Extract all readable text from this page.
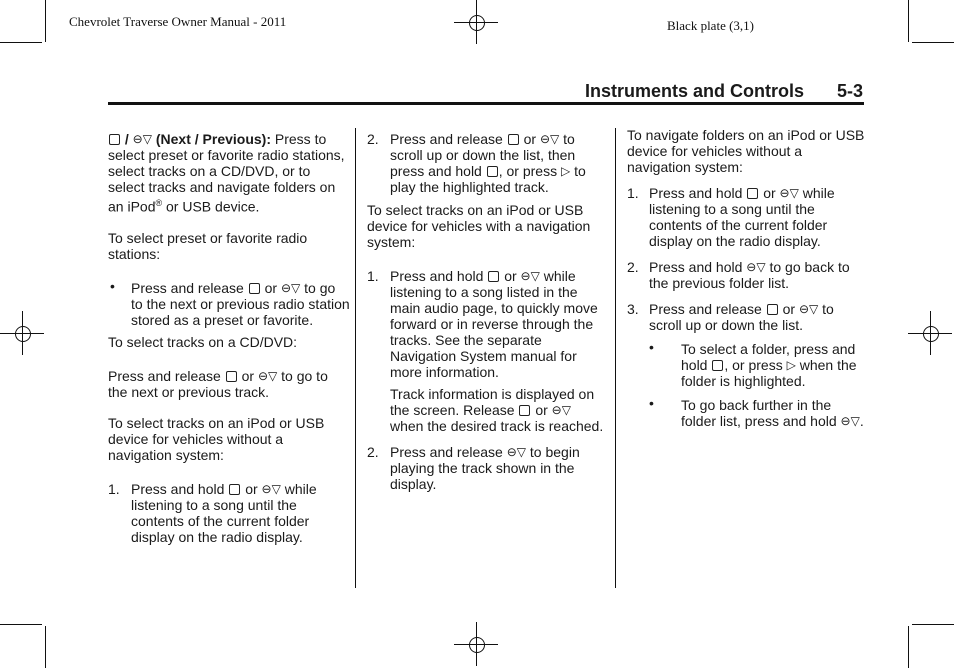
Chevrolet Traverse Owner Manual - 2011	Black plate (3,1)
Instruments and Controls 5-3

/ ⊖▽ (Next / Previous): Press to select preset or favorite radio stations, select tracks on a CD/DVD, or to select tracks and navigate folders on an iPod® or USB device.

To select preset or favorite radio stations:

• Press and release or ⊖▽ to go to the next or previous radio station stored as a preset or favorite.

To select tracks on a CD/DVD:

Press and release or ⊖▽ to go to the next or previous track.

To select tracks on an iPod or USB device for vehicles without a navigation system:

1. Press and hold or ⊖▽ while listening to a song until the contents of the current folder display on the radio display.
2. Press and release or ⊖▽ to scroll up or down the list, then press and hold , or press ▷ to play the highlighted track.

To select tracks on an iPod or USB device for vehicles with a navigation system:

1. Press and hold or ⊖▽ while listening to a song listed in the main audio page, to quickly move forward or in reverse through the tracks. See the separate Navigation System manual for more information.

Track information is displayed on the screen. Release or ⊖▽ when the desired track is reached.

2. Press and release ⊖▽ to begin playing the track shown in the display.

To navigate folders on an iPod or USB device for vehicles without a navigation system:

1. Press and hold or ⊖▽ while listening to a song until the contents of the current folder display on the radio display.
2. Press and hold ⊖▽ to go back to the previous folder list.
3. Press and release or ⊖▽ to scroll up or down the list.
• To select a folder, press and hold , or press ▷ when the folder is highlighted.
• To go back further in the folder list, press and hold ⊖▽.
